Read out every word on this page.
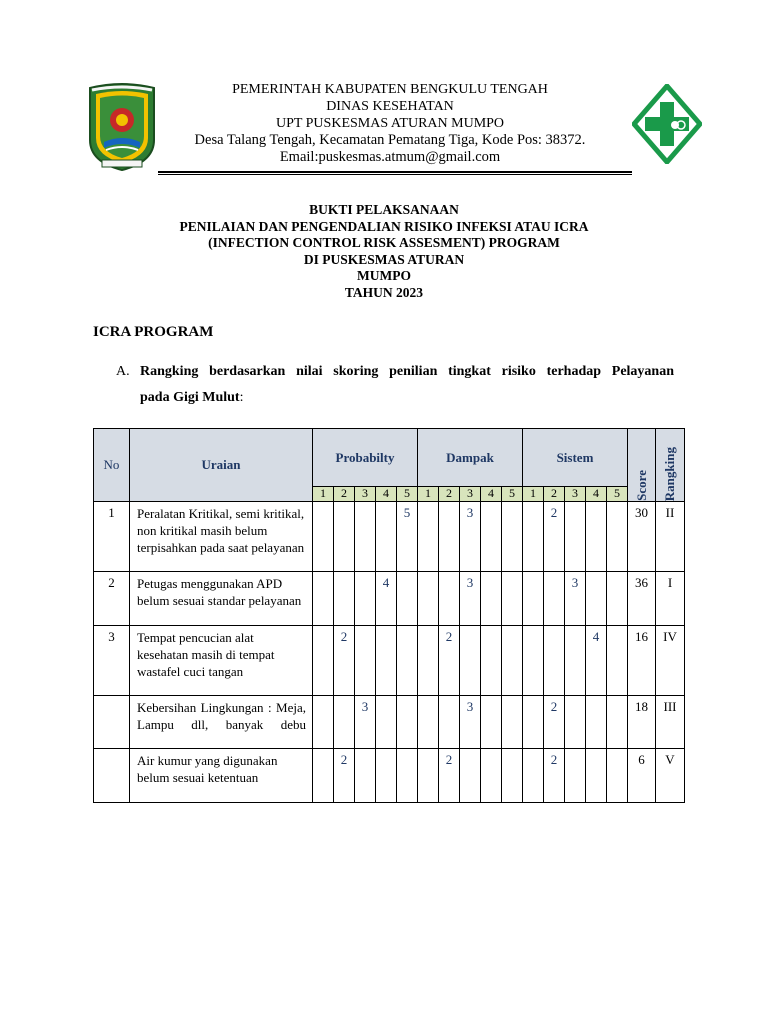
PEMERINTAH KABUPATEN BENGKULU TENGAH
DINAS KESEHATAN
UPT PUSKESMAS ATURAN MUMPO
Desa Talang Tengah, Kecamatan Pematang Tiga, Kode Pos: 38372.
Email:puskesmas.atmum@gmail.com
BUKTI PELAKSANAAN
PENILAIAN DAN PENGENDALIAN RISIKO INFEKSI ATAU ICRA
(INFECTION CONTROL RISK ASSESMENT) PROGRAM
DI PUSKESMAS ATURAN
MUMPO
TAHUN 2023
ICRA PROGRAM
A. Rangking berdasarkan nilai skoring penilian tingkat risiko terhadap Pelayanan
pada Gigi Mulut:
No	Uraian	Probabilty					Dampak					Sistem					Score	Rangking

		1	2	3	4	5	1	2	3	4	5	1	2	3	4	5		
1	Peralatan Kritikal, semi kritikal, non kritikal masih belum terpisahkan pada saat pelayanan					5			3				2				30	II
2	Petugas menggunakan APD belum sesuai standar pelayanan				4				3					3			36	I
3	Tempat pencucian alat kesehatan masih di tempat wastafel cuci tangan		2					2							4		16	IV
	Kebersihan Lingkungan : Meja, Lampu dll, banyak debu			3					3				2				18	III
	Air kumur yang digunakan belum sesuai ketentuan		2					2					2				6	V
